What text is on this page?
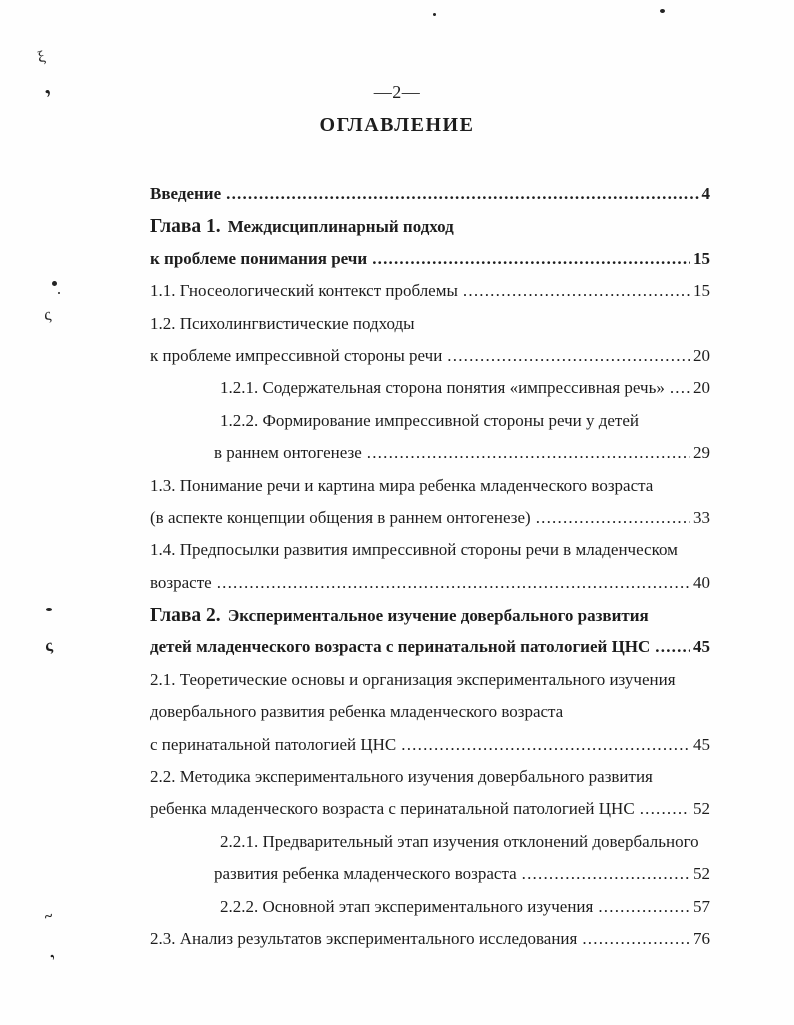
—2—
ОГЛАВЛЕНИЕ
Введение .....	4
Глава 1. Междисциплинарный подход
к проблеме понимания речи .....	15
1.1. Гносеологический контекст проблемы .....	15
1.2. Психолингвистические подходы
к проблеме импрессивной стороны речи .....	20
1.2.1. Содержательная сторона понятия «импрессивная речь» ..... 20
1.2.2. Формирование импрессивной стороны речи у детей
в раннем онтогенезе .....	29
1.3. Понимание речи и картина мира ребенка младенческого возраста
(в аспекте концепции общения в раннем онтогенезе) .....	33
1.4. Предпосылки развития импрессивной стороны речи в младенческом
возрасте .....	40
Глава 2. Экспериментальное изучение довербального развития
детей младенческого возраста с перинатальной патологией ЦНС .....	45
2.1. Теоретические основы и организация экспериментального изучения
довербального развития ребенка младенческого возраста
с перинатальной патологией ЦНС .....	45
2.2. Методика экспериментального изучения довербального развития
ребенка младенческого возраста с перинатальной патологией ЦНС .....	52
2.2.1. Предварительный этап изучения отклонений довербального
развития ребенка младенческого возраста .....	52
2.2.2. Основной этап экспериментального изучения .....	57
2.3. Анализ результатов экспериментального исследования .....	76
ξ
,
ς
ς
~
,
